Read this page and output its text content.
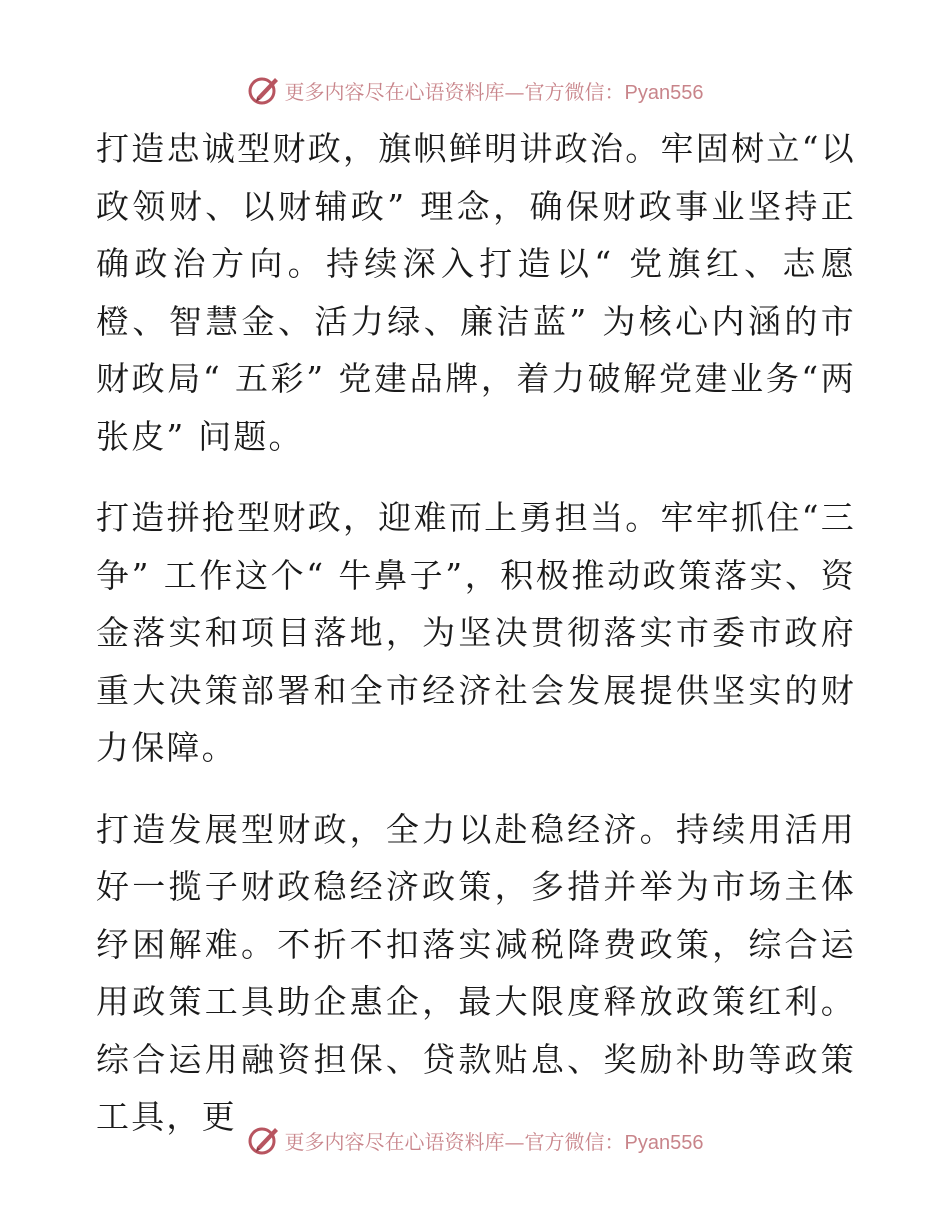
更多内容尽在心语资料库—官方微信：Pyan556

打造忠诚型财政，旗帜鲜明讲政治。牢固树立“以政领财、以财辅政” 理念，确保财政事业坚持正确政治方向。持续深入打造以“ 党旗红、志愿橙、智慧金、活力绿、廉洁蓝” 为核心内涵的市财政局“ 五彩” 党建品牌，着力破解党建业务“两张皮” 问题。

打造拼抢型财政，迎难而上勇担当。牢牢抓住“三争” 工作这个“ 牛鼻子”，积极推动政策落实、资金落实和项目落地，为坚决贯彻落实市委市政府重大决策部署和全市经济社会发展提供坚实的财力保障。

打造发展型财政，全力以赴稳经济。持续用活用好一揽子财政稳经济政策，多措并举为市场主体纾困解难。不折不扣落实减税降费政策，综合运用政策工具助企惠企，最大限度释放政策红利。综合运用融资担保、贷款贴息、奖励补助等政策工具，更

更多内容尽在心语资料库—官方微信：Pyan556
